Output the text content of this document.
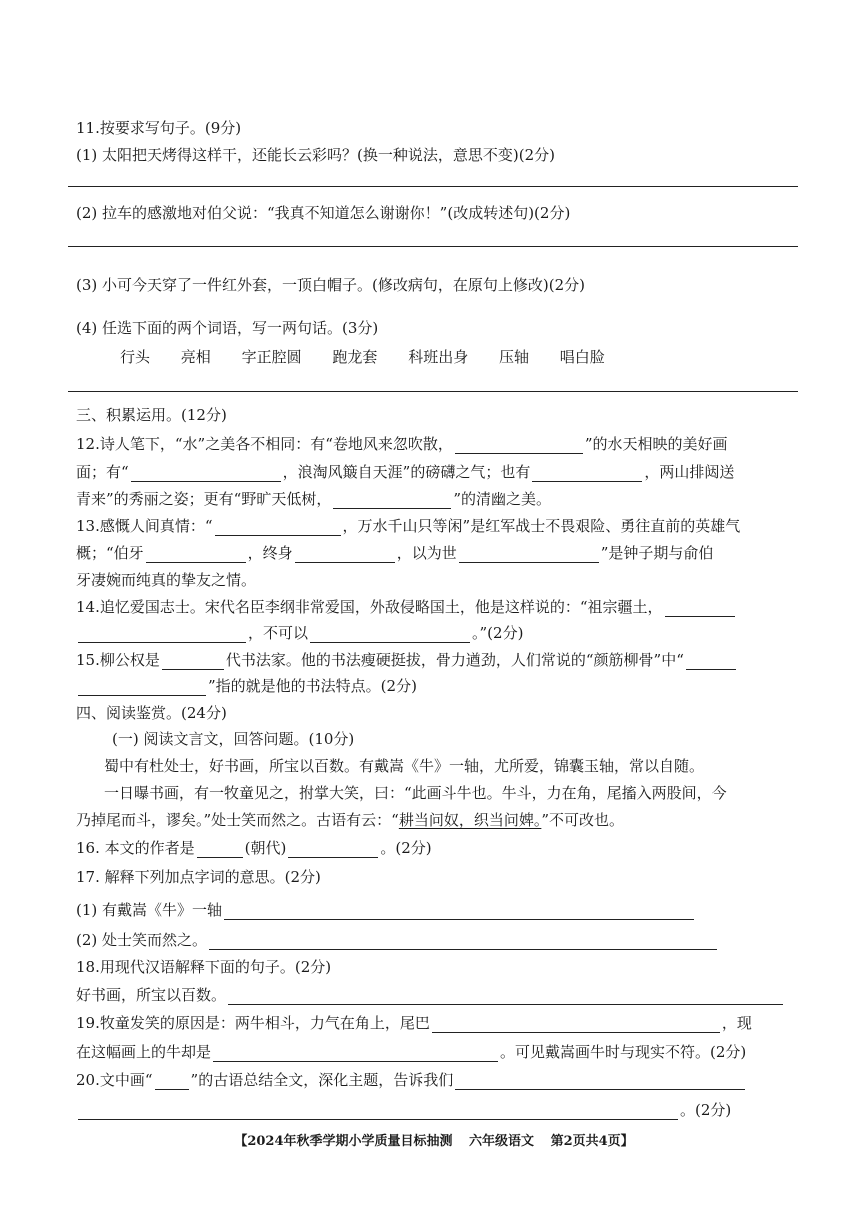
11.按要求写句子。(9分)
(1) 太阳把天烤得这样干，还能长云彩吗？(换一种说法，意思不变)(2分)
(2) 拉车的感激地对伯父说：“我真不知道怎么谢谢你！”(改成转述句)(2分)
(3) 小可今天穿了一件红外套，一顶白帽子。(修改病句，在原句上修改)(2分)
(4) 任选下面的两个词语，写一两句话。(3分)
行头 亮相 字正腔圆 跑龙套 科班出身 压轴 唱白脸
三、积累运用。(12分)
12.诗人笔下，“水”之美各不相同：有“卷地风来忽吹散，	”的水天相映的美好画
面；有“	，浪淘风簸自天涯”的磅礴之气；也有	，两山排闼送
青来”的秀丽之姿；更有“野旷天低树，	”的清幽之美。
13.感慨人间真情：“	，万水千山只等闲”是红军战士不畏艰险、勇往直前的英雄气
概；“伯牙	，终身	，以为世	”是钟子期与俞伯
牙凄婉而纯真的挚友之情。
14.追忆爱国志士。宋代名臣李纲非常爱国，外敌侵略国土，他是这样说的：“祖宗疆土，
，不可以	。”(2分)
15.柳公权是	代书法家。他的书法瘦硬挺拔，骨力遒劲，人们常说的“颜筋柳骨”中“
”指的就是他的书法特点。(2分)
四、阅读鉴赏。(24分)
(一) 阅读文言文，回答问题。(10分)
蜀中有杜处士，好书画，所宝以百数。有戴嵩《牛》一轴，尤所爱，锦囊玉轴，常以自随。
一日曝书画，有一牧童见之，拊掌大笑，曰：“此画斗牛也。牛斗，力在角，尾搐入两股间，今
乃掉尾而斗，谬矣。”处士笑而然之。古语有云：“耕当问奴，织当问婢。”不可改也。
16. 本文的作者是	(朝代)	。(2分)
17. 解释下列加点字词的意思。(2分)
(1) 有戴嵩《牛》一轴
(2) 处士笑而然之。
18.用现代汉语解释下面的句子。(2分)
好书画，所宝以百数。
19.牧童发笑的原因是：两牛相斗，力气在角上，尾巴	，现
在这幅画上的牛却是	。可见戴嵩画牛时与现实不符。(2分)
20.文中画“	”的古语总结全文，深化主题，告诉我们
。(2分)
【2024年秋季学期小学质量目标抽测 六年级语文 第2页共4页】
